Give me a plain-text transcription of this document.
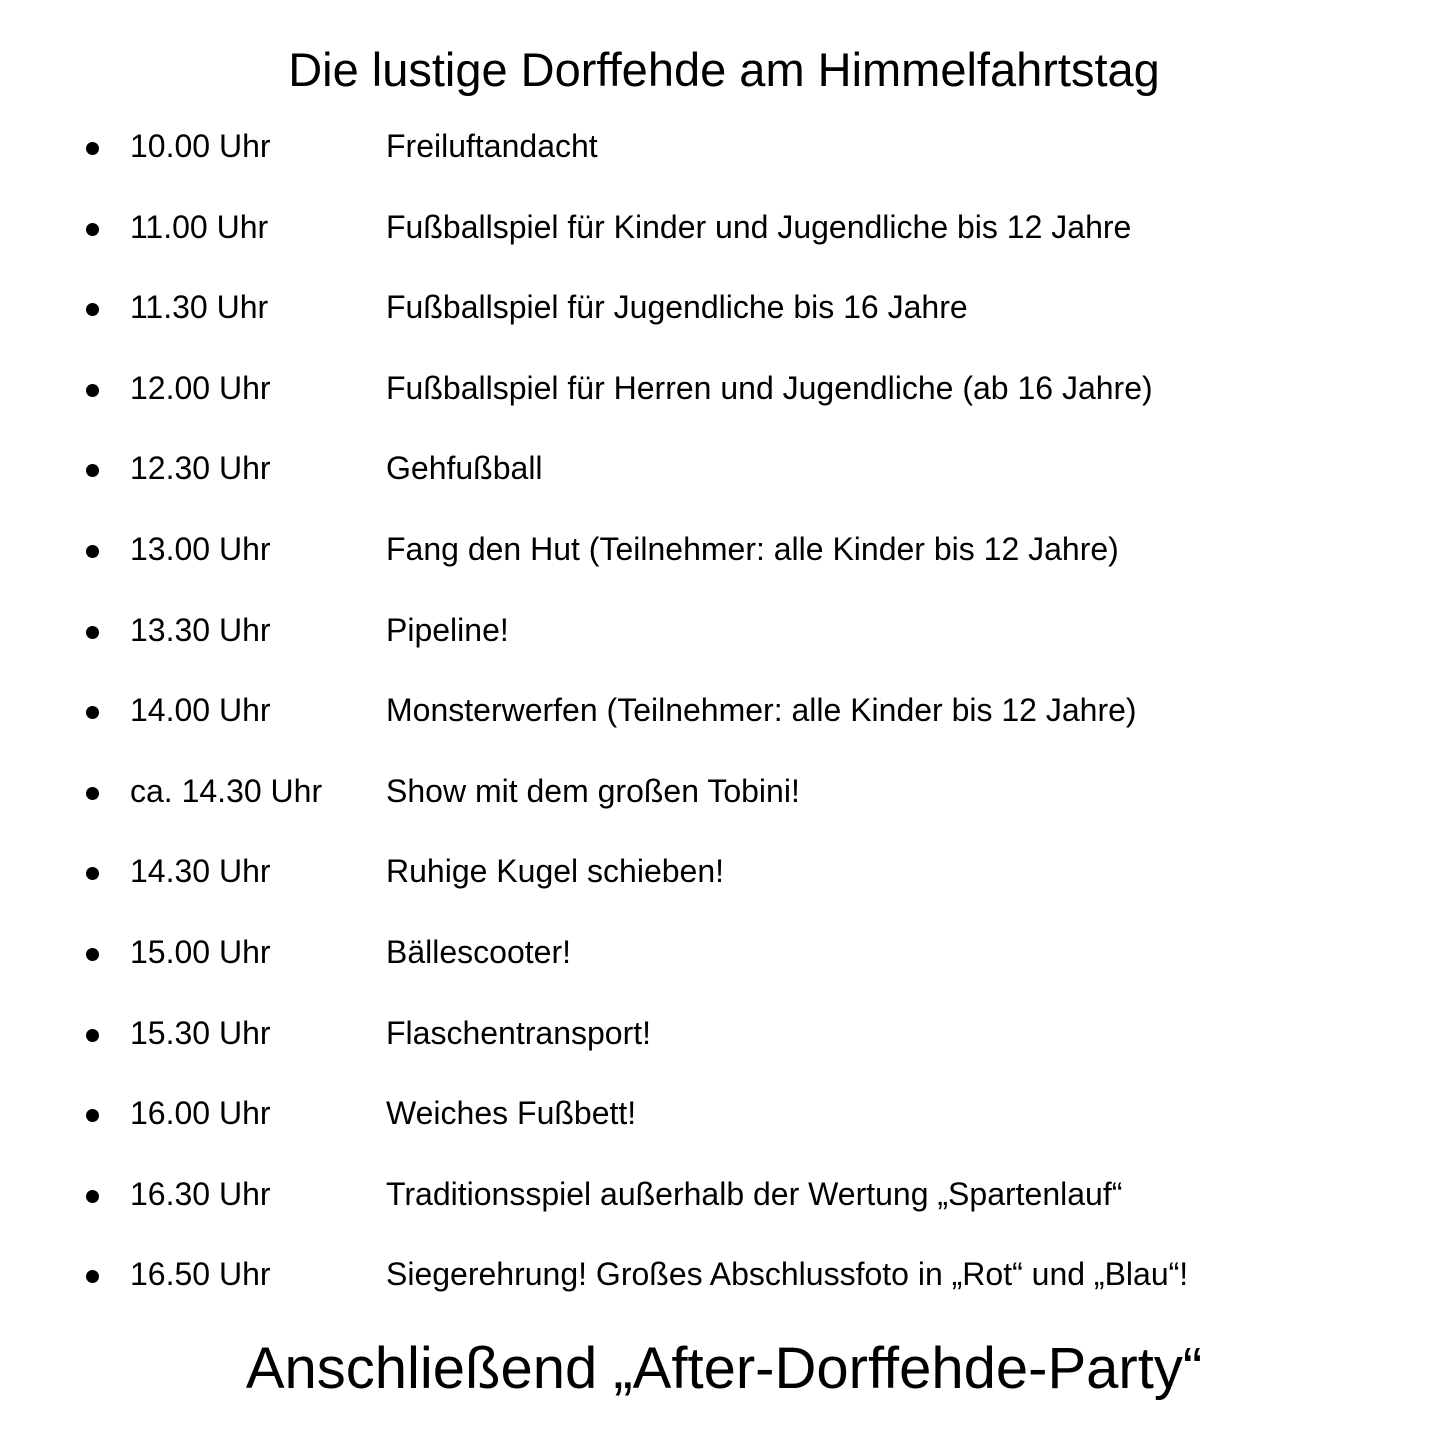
Die lustige Dorffehde am Himmelfahrtstag
10.00 Uhr	Freiluftandacht
11.00 Uhr	Fußballspiel für Kinder und Jugendliche bis 12 Jahre
11.30 Uhr	Fußballspiel für Jugendliche bis 16 Jahre
12.00 Uhr	Fußballspiel für Herren und Jugendliche (ab 16 Jahre)
12.30 Uhr	Gehfußball
13.00 Uhr	Fang den Hut (Teilnehmer: alle Kinder bis 12 Jahre)
13.30 Uhr	Pipeline!
14.00 Uhr	Monsterwerfen (Teilnehmer: alle Kinder bis 12 Jahre)
ca. 14.30 Uhr Show mit dem großen Tobini!
14.30 Uhr	Ruhige Kugel schieben!
15.00 Uhr	Bällescooter!
15.30 Uhr	Flaschentransport!
16.00 Uhr	Weiches Fußbett!
16.30 Uhr	Traditionsspiel außerhalb der Wertung „Spartenlauf“
16.50 Uhr	Siegerehrung! Großes Abschlussfoto in „Rot“ und „Blau“!
Anschließend „After-Dorffehde-Party“
